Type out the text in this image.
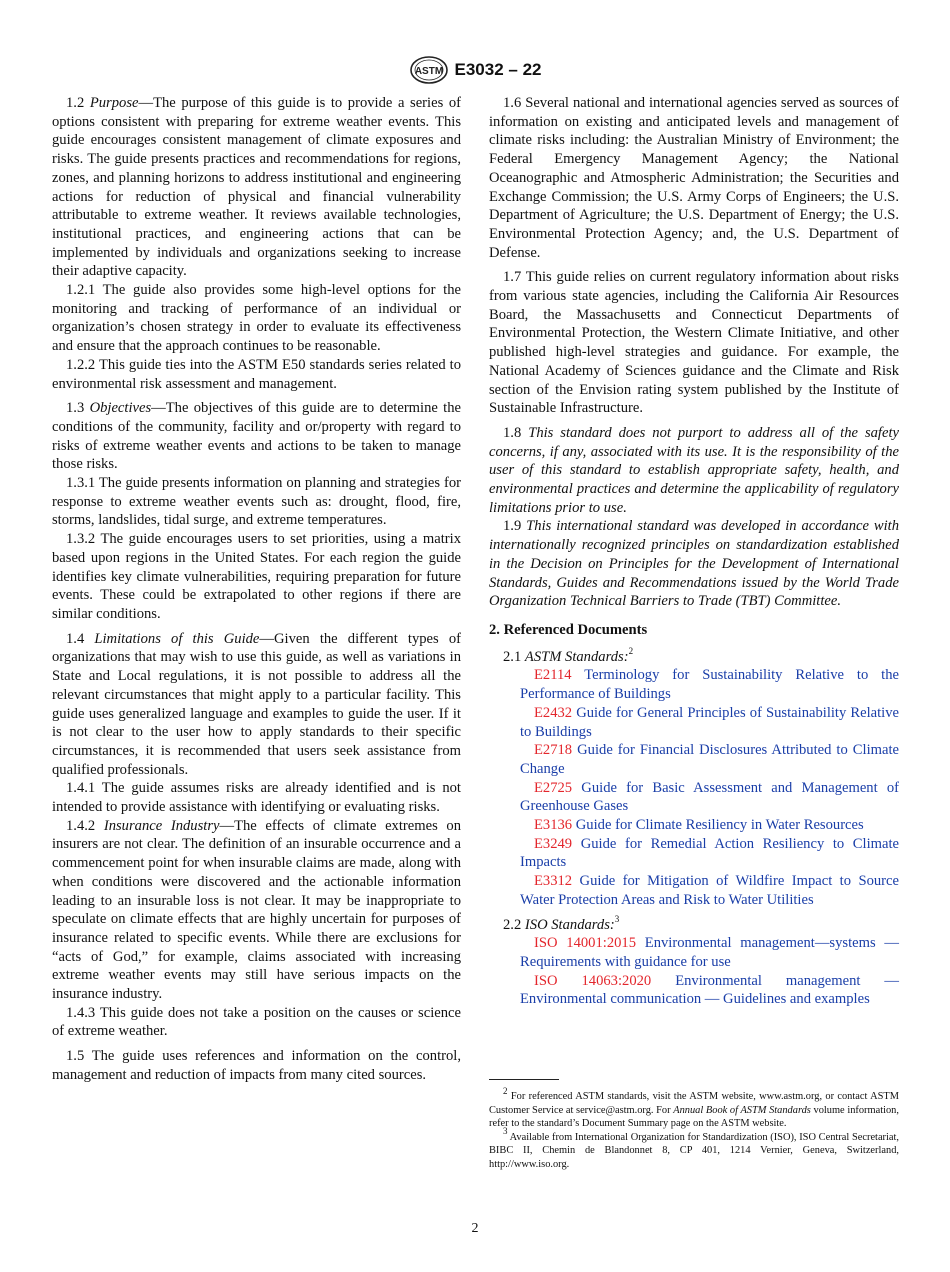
ASTM E3032 – 22

1.2 Purpose—The purpose of this guide is to provide a series of options consistent with preparing for extreme weather events. This guide encourages consistent management of climate exposures and risks. The guide presents practices and recommendations for regions, zones, and planning horizons to address institutional and engineering actions for reduction of physical and financial vulnerability attributable to extreme weather. It reviews available technologies, institutional practices, and engineering actions that can be implemented by individuals and organizations seeking to increase their adaptive capacity.

1.2.1 The guide also provides some high-level options for the monitoring and tracking of performance of an individual or organization’s chosen strategy in order to evaluate its effectiveness and ensure that the approach continues to be reasonable.

1.2.2 This guide ties into the ASTM E50 standards series related to environmental risk assessment and management.

1.3 Objectives—The objectives of this guide are to determine the conditions of the community, facility and or/property with regard to risks of extreme weather events and actions to be taken to manage those risks.

1.3.1 The guide presents information on planning and strategies for response to extreme weather events such as: drought, flood, fire, storms, landslides, tidal surge, and extreme temperatures.

1.3.2 The guide encourages users to set priorities, using a matrix based upon regions in the United States. For each region the guide identifies key climate vulnerabilities, requiring preparation for future events. These could be extrapolated to other regions if there are similar conditions.

1.4 Limitations of this Guide—Given the different types of organizations that may wish to use this guide, as well as variations in State and Local regulations, it is not possible to address all the relevant circumstances that might apply to a particular facility. This guide uses generalized language and examples to guide the user. If it is not clear to the user how to apply standards to their specific circumstances, it is recommended that users seek assistance from qualified professionals.

1.4.1 The guide assumes risks are already identified and is not intended to provide assistance with identifying or evaluating risks.

1.4.2 Insurance Industry—The effects of climate extremes on insurers are not clear. The definition of an insurable occurrence and a commencement point for when insurable claims are made, along with when conditions were discovered and the actionable information leading to an insurable loss is not clear. It may be inappropriate to speculate on climate effects that are highly uncertain for purposes of insurance related to specific events. While there are exclusions for “acts of God,” for example, claims associated with increasing extreme weather events may still have serious impacts on the insurance industry.

1.4.3 This guide does not take a position on the causes or science of extreme weather.

1.5 The guide uses references and information on the control, management and reduction of impacts from many cited sources.

1.6 Several national and international agencies served as sources of information on existing and anticipated levels and management of climate risks including: the Australian Ministry of Environment; the Federal Emergency Management Agency; the National Oceanographic and Atmospheric Administration; the Securities and Exchange Commission; the U.S. Army Corps of Engineers; the U.S. Department of Agriculture; the U.S. Department of Energy; the U.S. Environmental Protection Agency; and, the U.S. Department of Defense.

1.7 This guide relies on current regulatory information about risks from various state agencies, including the California Air Resources Board, the Massachusetts and Connecticut Departments of Environmental Protection, the Western Climate Initiative, and other published high-level strategies and guidance. For example, the National Academy of Sciences guidance and the Climate and Risk section of the Envision rating system published by the Institute of Sustainable Infrastructure.

1.8 This standard does not purport to address all of the safety concerns, if any, associated with its use. It is the responsibility of the user of this standard to establish appropriate safety, health, and environmental practices and determine the applicability of regulatory limitations prior to use.

1.9 This international standard was developed in accordance with internationally recognized principles on standardization established in the Decision on Principles for the Development of International Standards, Guides and Recommendations issued by the World Trade Organization Technical Barriers to Trade (TBT) Committee.

2. Referenced Documents

2.1 ASTM Standards:$^2$

E2114 Terminology for Sustainability Relative to the Performance of Buildings

E2432 Guide for General Principles of Sustainability Relative to Buildings

E2718 Guide for Financial Disclosures Attributed to Climate Change

E2725 Guide for Basic Assessment and Management of Greenhouse Gases

E3136 Guide for Climate Resiliency in Water Resources

E3249 Guide for Remedial Action Resiliency to Climate Impacts

E3312 Guide for Mitigation of Wildfire Impact to Source Water Protection Areas and Risk to Water Utilities

2.2 ISO Standards:$^3$

ISO 14001:2015 Environmental management—systems — Requirements with guidance for use

ISO 14063:2020 Environmental management — Environmental communication — Guidelines and examples

$^2$ For referenced ASTM standards, visit the ASTM website, www.astm.org, or contact ASTM Customer Service at service@astm.org. For Annual Book of ASTM Standards volume information, refer to the standard’s Document Summary page on the ASTM website.

$^3$ Available from International Organization for Standardization (ISO), ISO Central Secretariat, BIBC II, Chemin de Blandonnet 8, CP 401, 1214 Vernier, Geneva, Switzerland, http://www.iso.org.

2
